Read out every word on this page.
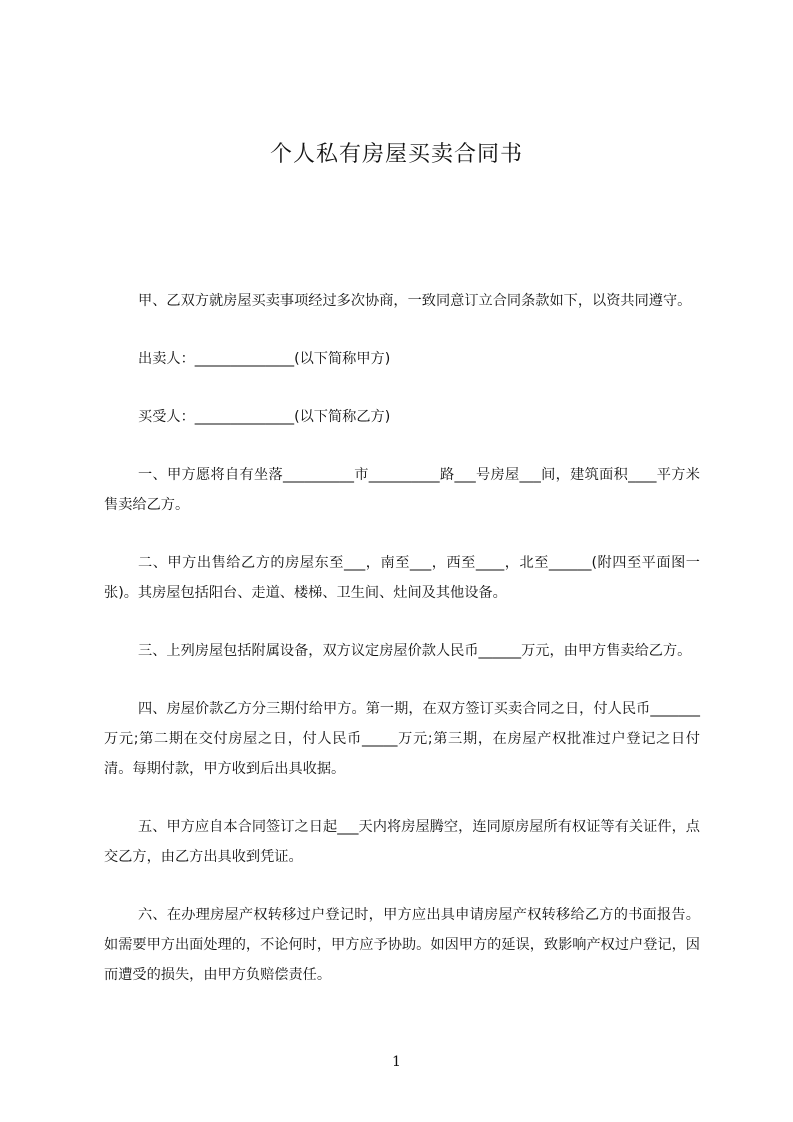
个人私有房屋买卖合同书

甲、乙双方就房屋买卖事项经过多次协商，一致同意订立合同条款如下，以资共同遵守。

出卖人：______________(以下简称甲方)

买受人：______________(以下简称乙方)

一、甲方愿将自有坐落__________市__________路___号房屋___间，建筑面积____平方米售卖给乙方。

二、甲方出售给乙方的房屋东至___，南至___，西至____，北至______(附四至平面图一张)。其房屋包括阳台、走道、楼梯、卫生间、灶间及其他设备。

三、上列房屋包括附属设备，双方议定房屋价款人民币______万元，由甲方售卖给乙方。

四、房屋价款乙方分三期付给甲方。第一期，在双方签订买卖合同之日，付人民币_______万元;第二期在交付房屋之日，付人民币_____万元;第三期，在房屋产权批准过户登记之日付清。每期付款，甲方收到后出具收据。

五、甲方应自本合同签订之日起___天内将房屋腾空，连同原房屋所有权证等有关证件，点交乙方，由乙方出具收到凭证。

六、在办理房屋产权转移过户登记时，甲方应出具申请房屋产权转移给乙方的书面报告。如需要甲方出面处理的，不论何时，甲方应予协助。如因甲方的延误，致影响产权过户登记，因而遭受的损失，由甲方负赔偿责任。

1
